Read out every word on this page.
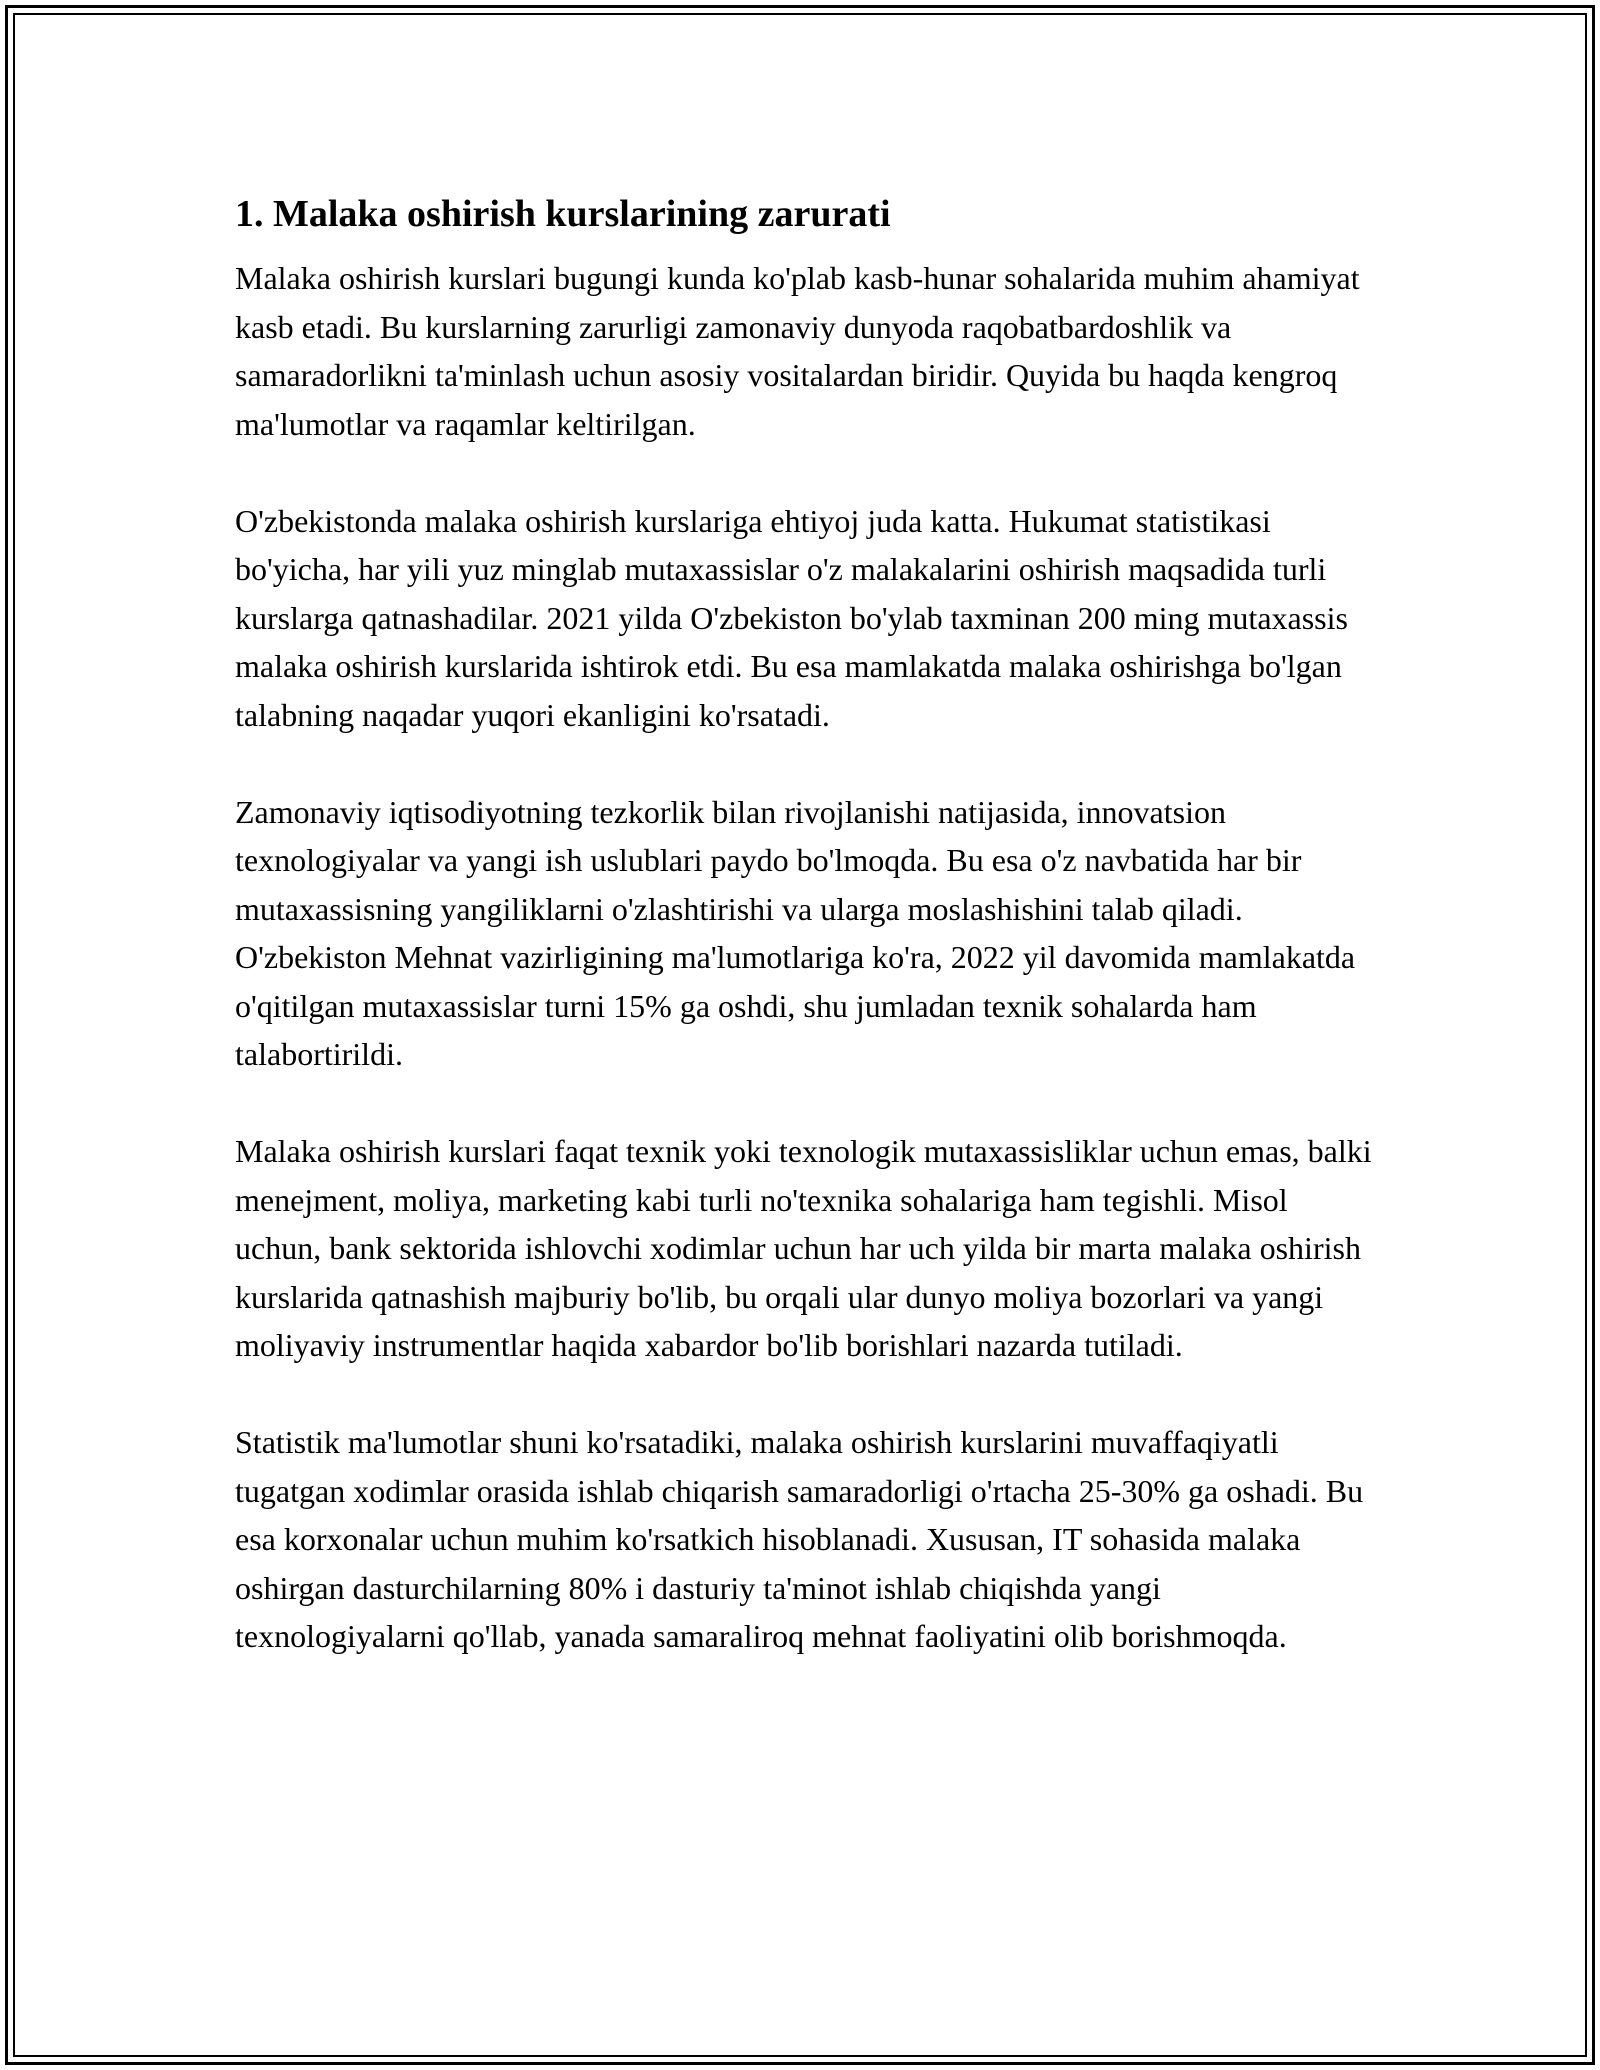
1. Malaka oshirish kurslarining zarurati

Malaka oshirish kurslari bugungi kunda ko'plab kasb-hunar sohalarida muhim ahamiyat kasb etadi. Bu kurslarning zarurligi zamonaviy dunyoda raqobatbardoshlik va samaradorlikni ta'minlash uchun asosiy vositalardan biridir. Quyida bu haqda kengroq ma'lumotlar va raqamlar keltirilgan.

O'zbekistonda malaka oshirish kurslariga ehtiyoj juda katta. Hukumat statistikasi bo'yicha, har yili yuz minglab mutaxassislar o'z malakalarini oshirish maqsadida turli kurslarga qatnashadilar. 2021 yilda O'zbekiston bo'ylab taxminan 200 ming mutaxassis malaka oshirish kurslarida ishtirok etdi. Bu esa mamlakatda malaka oshirishga bo'lgan talabning naqadar yuqori ekanligini ko'rsatadi.

Zamonaviy iqtisodiyotning tezkorlik bilan rivojlanishi natijasida, innovatsion texnologiyalar va yangi ish uslublari paydo bo'lmoqda. Bu esa o'z navbatida har bir mutaxassisning yangiliklarni o'zlashtirishi va ularga moslashishini talab qiladi. O'zbekiston Mehnat vazirligining ma'lumotlariga ko'ra, 2022 yil davomida mamlakatda o'qitilgan mutaxassislar turni 15% ga oshdi, shu jumladan texnik sohalarda ham talabortirildi.

Malaka oshirish kurslari faqat texnik yoki texnologik mutaxassisliklar uchun emas, balki menejment, moliya, marketing kabi turli no'texnika sohalariga ham tegishli. Misol uchun, bank sektorida ishlovchi xodimlar uchun har uch yilda bir marta malaka oshirish kurslarida qatnashish majburiy bo'lib, bu orqali ular dunyo moliya bozorlari va yangi moliyaviy instrumentlar haqida xabardor bo'lib borishlari nazarda tutiladi.

Statistik ma'lumotlar shuni ko'rsatadiki, malaka oshirish kurslarini muvaffaqiyatli tugatgan xodimlar orasida ishlab chiqarish samaradorligi o'rtacha 25-30% ga oshadi. Bu esa korxonalar uchun muhim ko'rsatkich hisoblanadi. Xususan, IT sohasida malaka oshirgan dasturchilarning 80% i dasturiy ta'minot ishlab chiqishda yangi texnologiyalarni qo'llab, yanada samaraliroq mehnat faoliyatini olib borishmoqda.
